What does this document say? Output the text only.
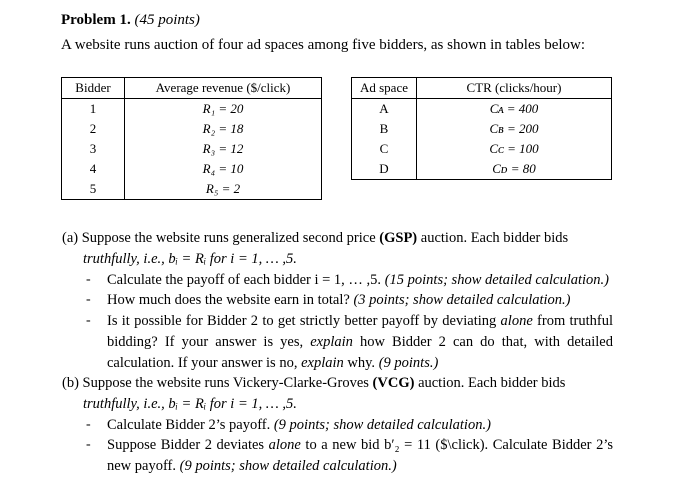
Problem 1. (45 points)
A website runs auction of four ad spaces among five bidders, as shown in tables below:
Bidder	Average revenue ($/click)
1	R₁ = 20
2	R₂ = 18
3	R₃ = 12
4	R₄ = 10
5	R₅ = 2
Ad space	CTR (clicks/hour)
A	Cᴀ = 400
B	Cʙ = 200
C	Cᴄ = 100
D	Cᴅ = 80
(a) Suppose the website runs generalized second price (GSP) auction. Each bidder bids
truthfully, i.e., bᵢ = Rᵢ for i = 1, … ,5.
- Calculate the payoff of each bidder i = 1, … ,5. (15 points; show detailed calculation.)
- How much does the website earn in total? (3 points; show detailed calculation.)
- Is it possible for Bidder 2 to get strictly better payoff by deviating alone from truthful bidding? If your answer is yes, explain how Bidder 2 can do that, with detailed calculation. If your answer is no, explain why. (9 points.)
(b) Suppose the website runs Vickery-Clarke-Groves (VCG) auction. Each bidder bids
truthfully, i.e., bᵢ = Rᵢ for i = 1, … ,5.
- Calculate Bidder 2’s payoff. (9 points; show detailed calculation.)
- Suppose Bidder 2 deviates alone to a new bid b′₂ = 11 ($\click). Calculate Bidder 2’s new payoff. (9 points; show detailed calculation.)
